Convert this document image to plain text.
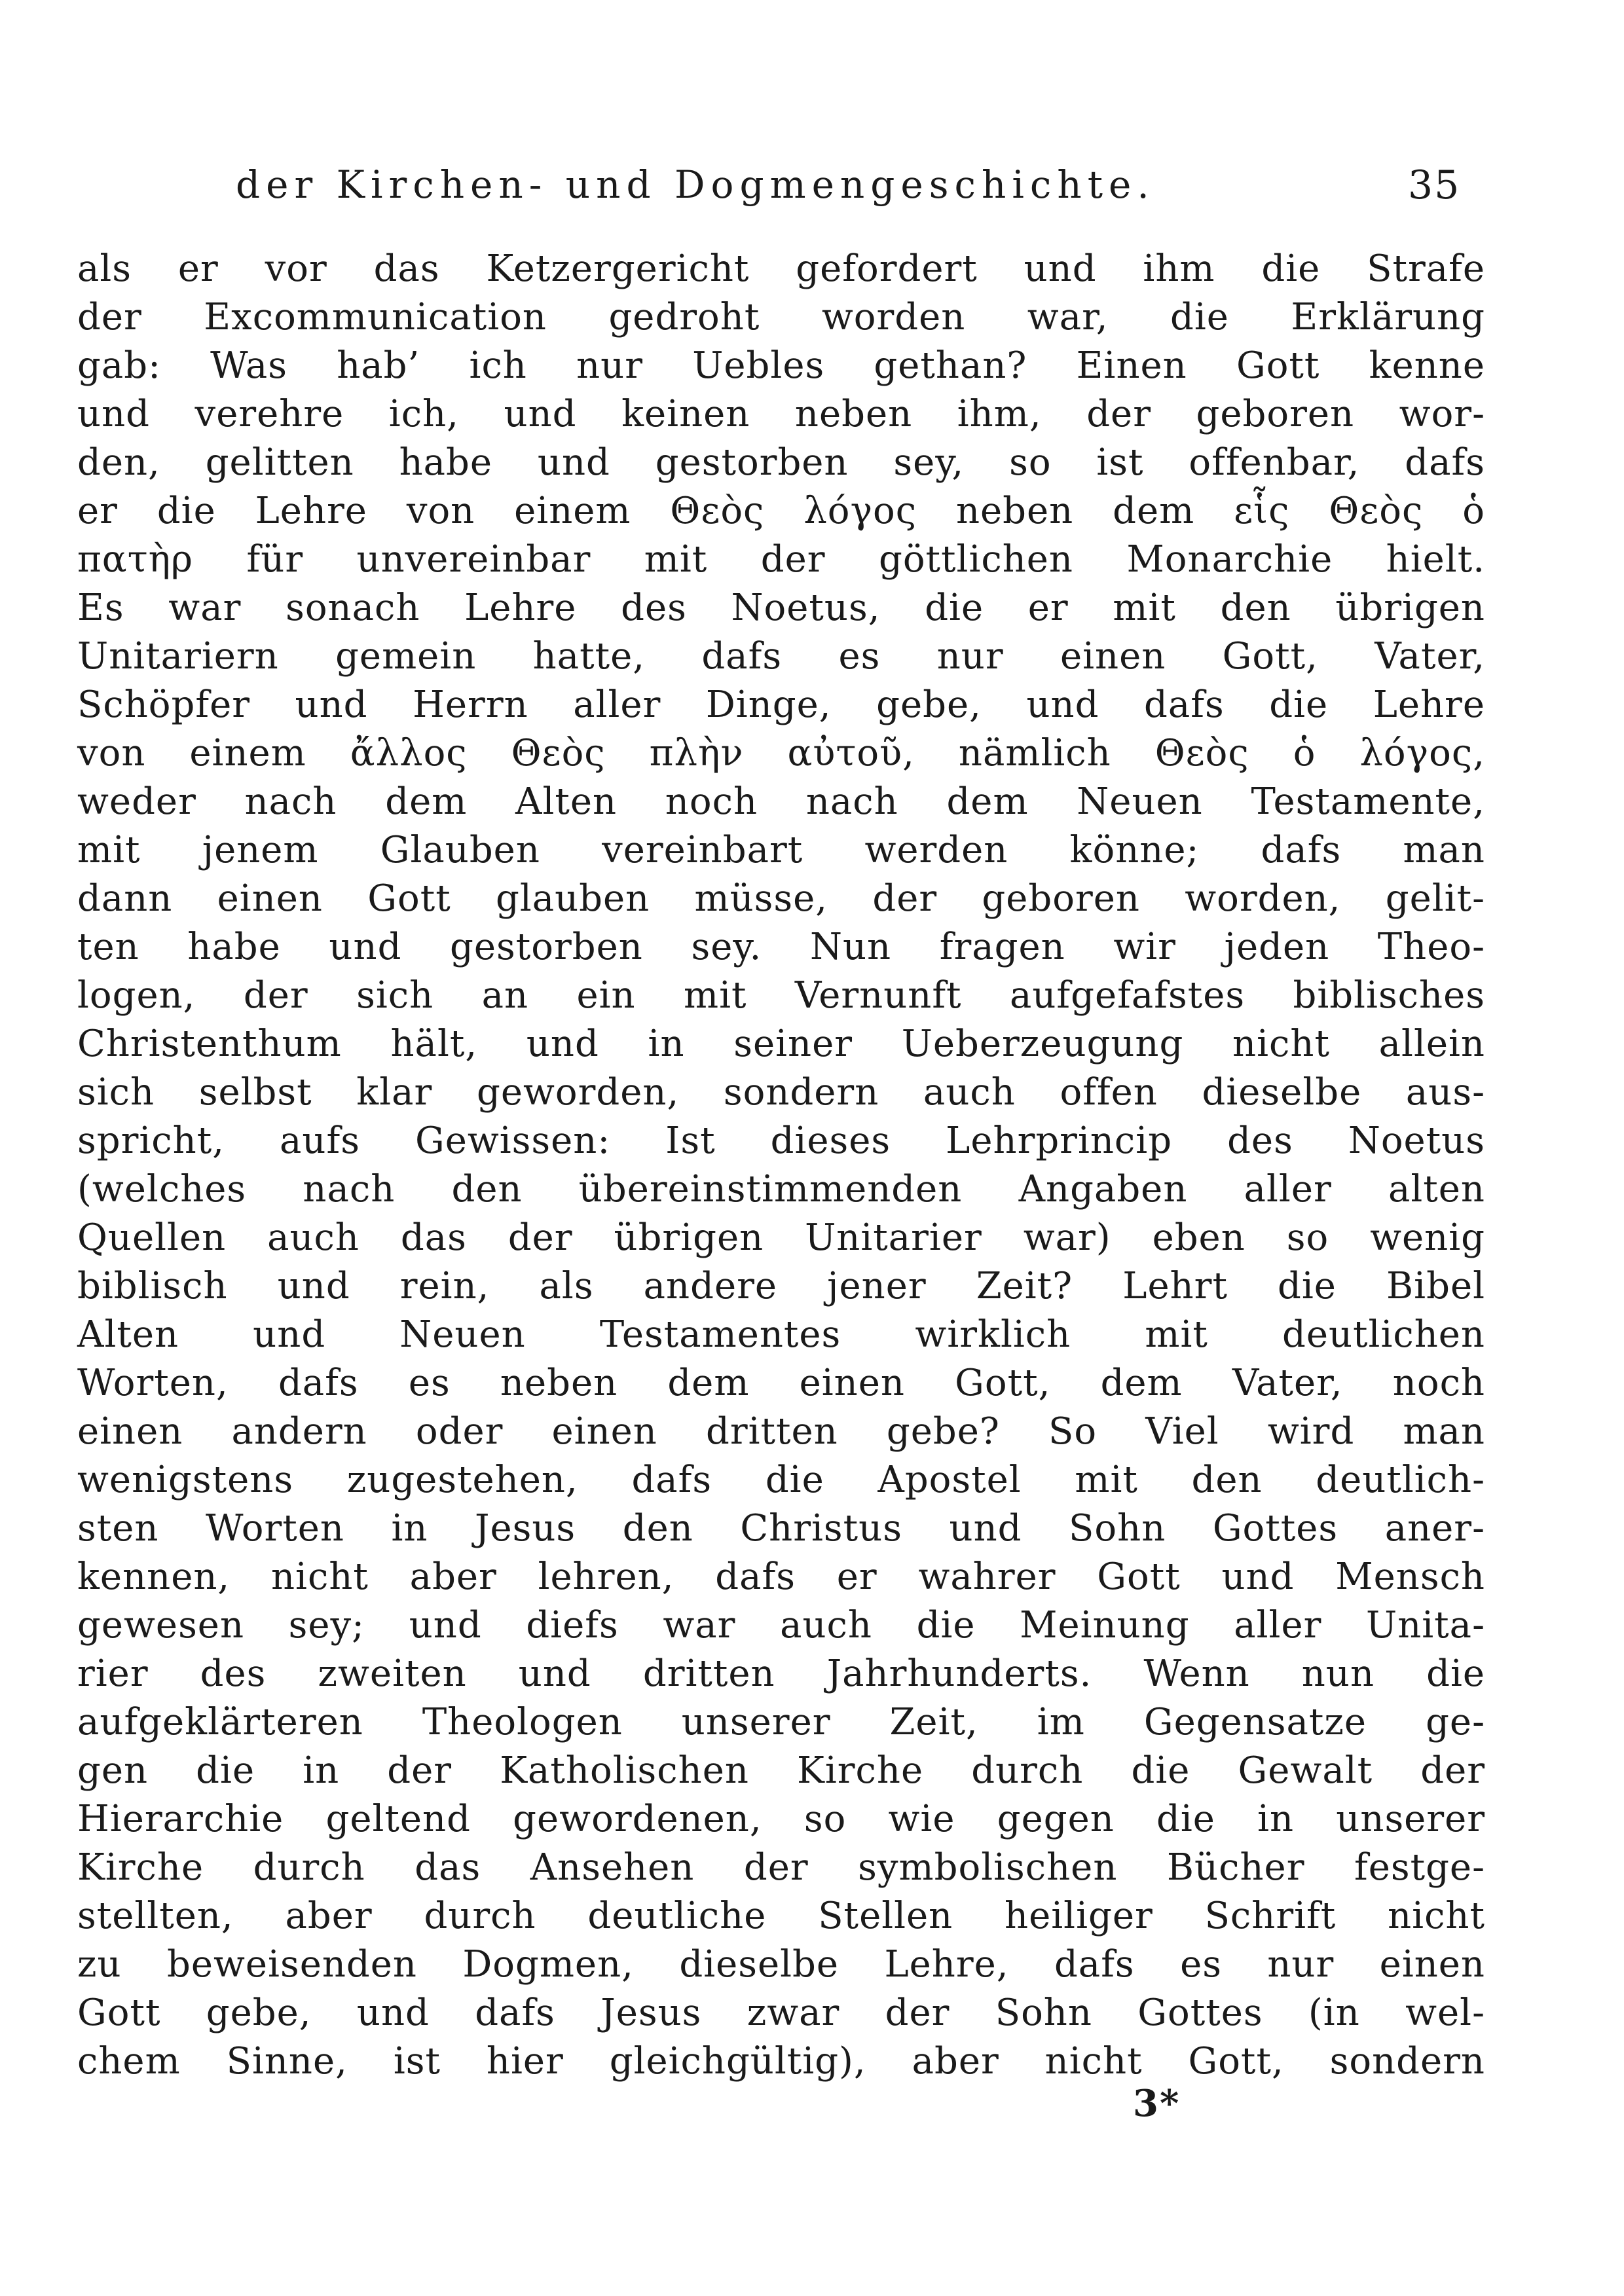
der Kirchen- und Dogmengeschichte.	35
als er vor das Ketzergericht gefordert und ihm die Strafe
der Excommunication gedroht worden war, die Erklärung
gab: Was hab’ ich nur Uebles gethan? Einen Gott kenne
und verehre ich, und keinen neben ihm, der geboren wor-
den, gelitten habe und gestorben sey, so ist offenbar, dafs
er die Lehre von einem Θεὸς λόγος neben dem εἷς Θεὸς ὁ
πατὴρ für unvereinbar mit der göttlichen Monarchie hielt.
Es war sonach Lehre des Noetus, die er mit den übrigen
Unitariern gemein hatte, dafs es nur einen Gott, Vater,
Schöpfer und Herrn aller Dinge, gebe, und dafs die Lehre
von einem ἄλλος Θεὸς πλὴν αὐτοῦ, nämlich Θεὸς ὁ λόγος,
weder nach dem Alten noch nach dem Neuen Testamente,
mit jenem Glauben vereinbart werden könne; dafs man
dann einen Gott glauben müsse, der geboren worden, gelit-
ten habe und gestorben sey. Nun fragen wir jeden Theo-
logen, der sich an ein mit Vernunft aufgefafstes biblisches
Christenthum hält, und in seiner Ueberzeugung nicht allein
sich selbst klar geworden, sondern auch offen dieselbe aus-
spricht, aufs Gewissen: Ist dieses Lehrprincip des Noetus
(welches nach den übereinstimmenden Angaben aller alten
Quellen auch das der übrigen Unitarier war) eben so wenig
biblisch und rein, als andere jener Zeit? Lehrt die Bibel
Alten und Neuen Testamentes wirklich mit deutlichen
Worten, dafs es neben dem einen Gott, dem Vater, noch
einen andern oder einen dritten gebe? So Viel wird man
wenigstens zugestehen, dafs die Apostel mit den deutlich-
sten Worten in Jesus den Christus und Sohn Gottes aner-
kennen, nicht aber lehren, dafs er wahrer Gott und Mensch
gewesen sey; und diefs war auch die Meinung aller Unita-
rier des zweiten und dritten Jahrhunderts. Wenn nun die
aufgeklärteren Theologen unserer Zeit, im Gegensatze ge-
gen die in der Katholischen Kirche durch die Gewalt der
Hierarchie geltend gewordenen, so wie gegen die in unserer
Kirche durch das Ansehen der symbolischen Bücher festge-
stellten, aber durch deutliche Stellen heiliger Schrift nicht
zu beweisenden Dogmen, dieselbe Lehre, dafs es nur einen
Gott gebe, und dafs Jesus zwar der Sohn Gottes (in wel-
chem Sinne, ist hier gleichgültig), aber nicht Gott, sondern
3*
